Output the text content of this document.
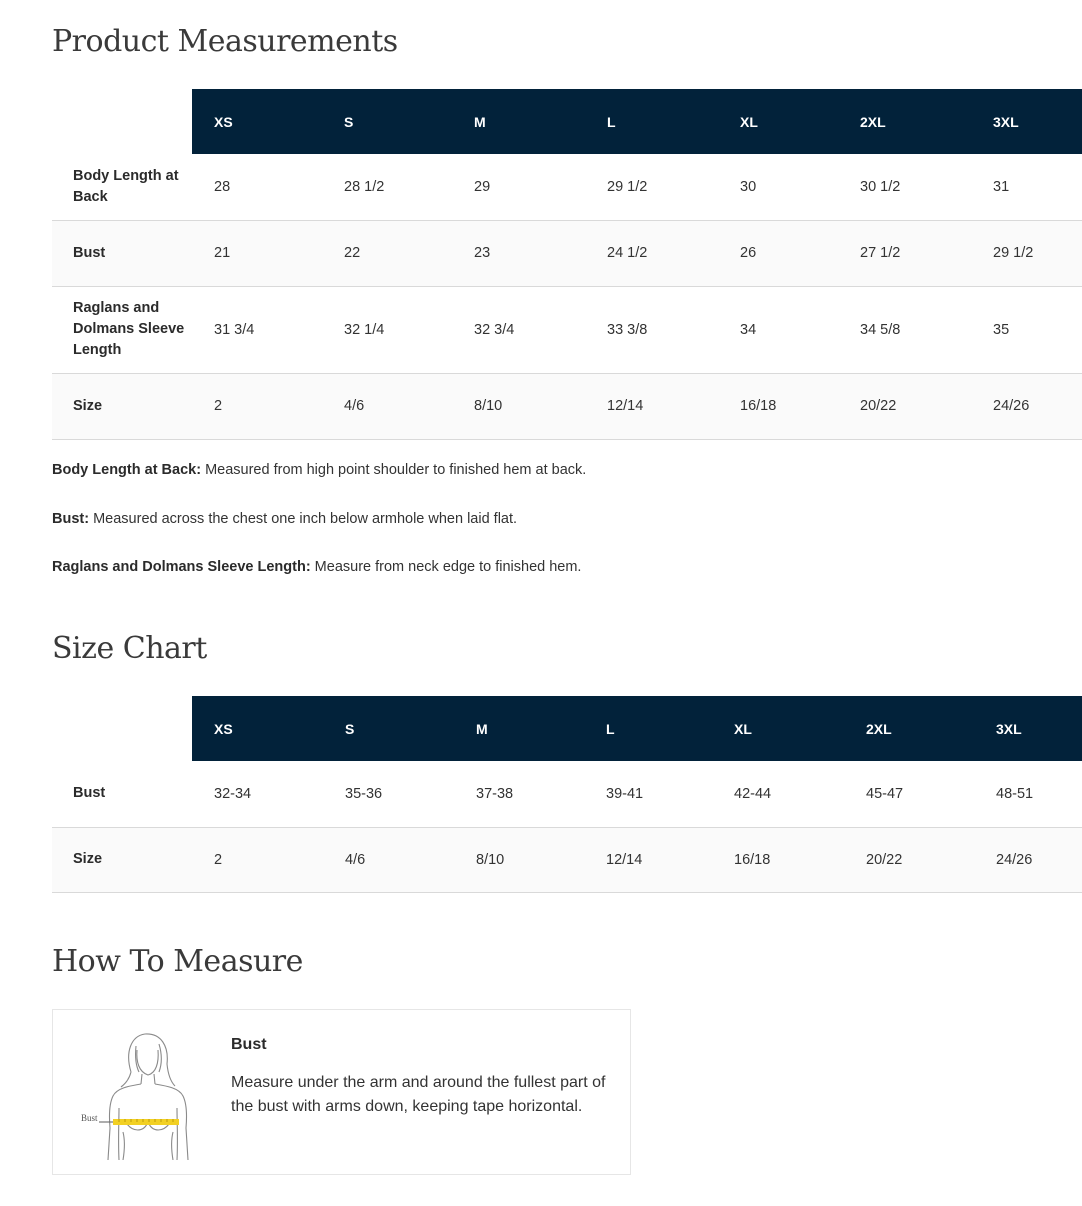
Product Measurements
	XS	S	M	L	XL	2XL	3XL
Body Length at Back	28	28 1/2	29	29 1/2	30	30 1/2	31
Bust	21	22	23	24 1/2	26	27 1/2	29 1/2
Raglans and Dolmans Sleeve Length	31 3/4	32 1/4	32 3/4	33 3/8	34	34 5/8	35
Size	2	4/6	8/10	12/14	16/18	20/22	24/26

Body Length at Back: Measured from high point shoulder to finished hem at back.

Bust: Measured across the chest one inch below armhole when laid flat.

Raglans and Dolmans Sleeve Length: Measure from neck edge to finished hem.

Size Chart
	XS	S	M	L	XL	2XL	3XL
Bust	32-34	35-36	37-38	39-41	42-44	45-47	48-51
Size	2	4/6	8/10	12/14	16/18	20/22	24/26
How To Measure
Bust

Bust

Measure under the arm and around the fullest part of the bust with arms down, keeping tape horizontal.
